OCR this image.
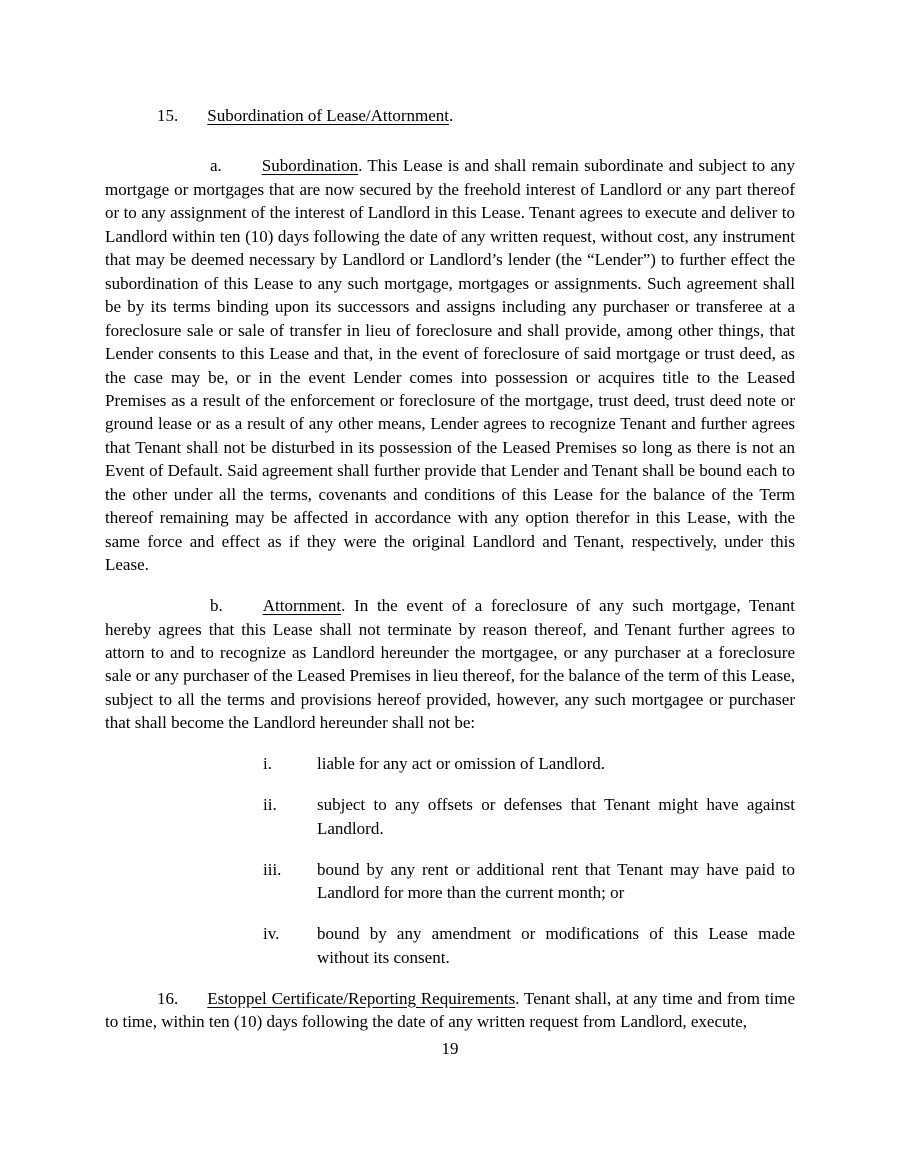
15. Subordination of Lease/Attornment.

a. Subordination. This Lease is and shall remain subordinate and subject to any mortgage or mortgages that are now secured by the freehold interest of Landlord or any part thereof or to any assignment of the interest of Landlord in this Lease. Tenant agrees to execute and deliver to Landlord within ten (10) days following the date of any written request, without cost, any instrument that may be deemed necessary by Landlord or Landlord’s lender (the “Lender”) to further effect the subordination of this Lease to any such mortgage, mortgages or assignments. Such agreement shall be by its terms binding upon its successors and assigns including any purchaser or transferee at a foreclosure sale or sale of transfer in lieu of foreclosure and shall provide, among other things, that Lender consents to this Lease and that, in the event of foreclosure of said mortgage or trust deed, as the case may be, or in the event Lender comes into possession or acquires title to the Leased Premises as a result of the enforcement or foreclosure of the mortgage, trust deed, trust deed note or ground lease or as a result of any other means, Lender agrees to recognize Tenant and further agrees that Tenant shall not be disturbed in its possession of the Leased Premises so long as there is not an Event of Default. Said agreement shall further provide that Lender and Tenant shall be bound each to the other under all the terms, covenants and conditions of this Lease for the balance of the Term thereof remaining may be affected in accordance with any option therefor in this Lease, with the same force and effect as if they were the original Landlord and Tenant, respectively, under this Lease.

b. Attornment. In the event of a foreclosure of any such mortgage, Tenant hereby agrees that this Lease shall not terminate by reason thereof, and Tenant further agrees to attorn to and to recognize as Landlord hereunder the mortgagee, or any purchaser at a foreclosure sale or any purchaser of the Leased Premises in lieu thereof, for the balance of the term of this Lease, subject to all the terms and provisions hereof provided, however, any such mortgagee or purchaser that shall become the Landlord hereunder shall not be:

i.	liable for any act or omission of Landlord.
ii.	subject to any offsets or defenses that Tenant might have against Landlord.
iii.	bound by any rent or additional rent that Tenant may have paid to Landlord for more than the current month; or
iv.	bound by any amendment or modifications of this Lease made without its consent.

16. Estoppel Certificate/Reporting Requirements. Tenant shall, at any time and from time to time, within ten (10) days following the date of any written request from Landlord, execute,

19
